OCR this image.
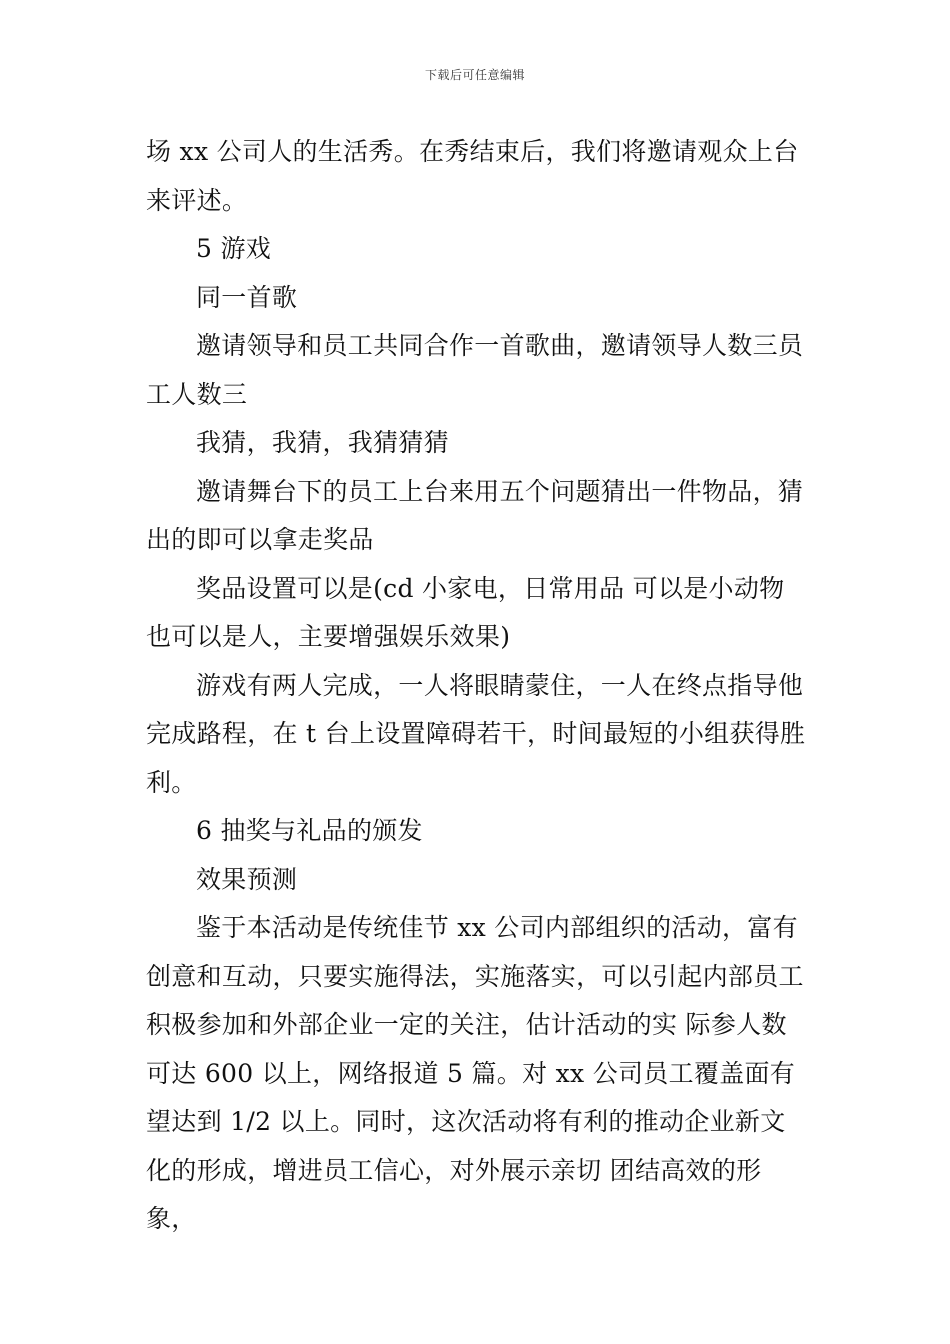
下载后可任意编辑

场 xx 公司人的生活秀。在秀结束后，我们将邀请观众上台来评述。

5 游戏

同一首歌

邀请领导和员工共同合作一首歌曲，邀请领导人数三员工人数三

我猜，我猜，我猜猜猜

邀请舞台下的员工上台来用五个问题猜出一件物品，猜出的即可以拿走奖品

奖品设置可以是(cd 小家电，日常用品 可以是小动物也可以是人，主要增强娱乐效果)

游戏有两人完成，一人将眼睛蒙住，一人在终点指导他完成路程，在 t 台上设置障碍若干，时间最短的小组获得胜利。

6 抽奖与礼品的颁发

效果预测

鉴于本活动是传统佳节 xx 公司内部组织的活动，富有创意和互动，只要实施得法，实施落实，可以引起内部员工积极参加和外部企业一定的关注，估计活动的实 际参人数可达 600 以上，网络报道 5 篇。对 xx 公司员工覆盖面有望达到 1/2 以上。同时，这次活动将有利的推动企业新文化的形成，增进员工信心，对外展示亲切 团结高效的形象，
